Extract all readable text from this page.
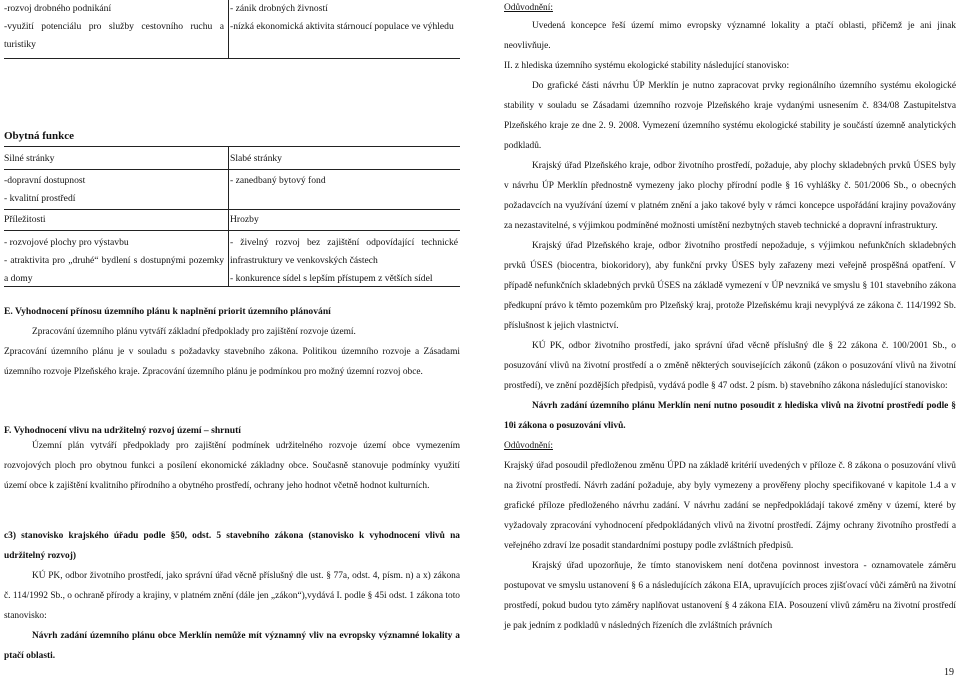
-rozvoj drobného podnikání
-využití potenciálu pro služby cestovního ruchu a turistiky
- zánik drobných živností
-nízká ekonomická aktivita stárnoucí populace ve výhledu
Obytná funkce
Silné stránky	Slabé stránky
-dopravní dostupnost
- kvalitní prostředí
- zanedbaný bytový fond
Příležitosti	Hrozby
- rozvojové plochy pro výstavbu
- atraktivita pro „druhé“ bydlení s dostupnými pozemky a domy
- živelný rozvoj bez zajištění odpovídající technické infrastruktury ve venkovských částech
- konkurence sídel s lepším přístupem z větších sídel
E. Vyhodnocení přínosu územního plánu k naplnění priorit územního plánování

Zpracování územního plánu vytváří základní předpoklady pro zajištění rozvoje území.

Zpracování územního plánu je v souladu s požadavky stavebního zákona. Politikou územního rozvoje a Zásadami územního rozvoje Plzeňského kraje. Zpracování územního plánu je podmínkou pro možný územní rozvoj obce.

F. Vyhodnocení vlivu na udržitelný rozvoj území – shrnutí

Územní plán vytváří předpoklady pro zajištění podmínek udržitelného rozvoje území obce vymezením rozvojových ploch pro obytnou funkci a posílení ekonomické základny obce. Současně stanovuje podmínky využití území obce k zajištění kvalitního přírodního a obytného prostředí, ochrany jeho hodnot včetně hodnot kulturních.

c3) stanovisko krajského úřadu podle §50, odst. 5 stavebního zákona (stanovisko k vyhodnocení vlivů na udržitelný rozvoj)

KÚ PK, odbor životního prostředí, jako správní úřad věcně příslušný dle ust. § 77a, odst. 4, písm. n) a x) zákona č. 114/1992 Sb., o ochraně přírody a krajiny, v platném znění (dále jen „zákon“),vydává I. podle § 45i odst. 1 zákona toto stanovisko:

Návrh zadání územního plánu obce Merklín nemůže mít významný vliv na evropsky významné lokality a ptačí oblasti.

Odůvodnění:

Uvedená koncepce řeší území mimo evropsky významné lokality a ptačí oblasti, přičemž je ani jinak neovlivňuje.

II. z hlediska územního systému ekologické stability následující stanovisko:

Do grafické části návrhu ÚP Merklín je nutno zapracovat prvky regionálního územního systému ekologické stability v souladu se Zásadami územního rozvoje Plzeňského kraje vydanými usnesením č. 834/08 Zastupitelstva Plzeňského kraje ze dne 2. 9. 2008. Vymezení územního systému ekologické stability je součástí územně analytických podkladů.

Krajský úřad Plzeňského kraje, odbor životního prostředí, požaduje, aby plochy skladebných prvků ÚSES byly v návrhu ÚP Merklín přednostně vymezeny jako plochy přírodní podle § 16 vyhlášky č. 501/2006 Sb., o obecných požadavcích na využívání území v platném znění a jako takové byly v rámci koncepce uspořádání krajiny považovány za nezastavitelné, s výjimkou podmíněné možnosti umístění nezbytných staveb technické a dopravní infrastruktury.

Krajský úřad Plzeňského kraje, odbor životního prostředí nepožaduje, s výjimkou nefunkčních skladebných prvků ÚSES (biocentra, biokoridory), aby funkční prvky ÚSES byly zařazeny mezi veřejně prospěšná opatření. V případě nefunkčních skladebných prvků ÚSES na základě vymezení v ÚP nevzniká ve smyslu § 101 stavebního zákona předkupní právo k těmto pozemkům pro Plzeňský kraj, protože Plzeňskému kraji nevyplývá ze zákona č. 114/1992 Sb. příslušnost k jejich vlastnictví.

KÚ PK, odbor životního prostředí, jako správní úřad věcně příslušný dle § 22 zákona č. 100/2001 Sb., o posuzování vlivů na životní prostředí a o změně některých souvisejících zákonů (zákon o posuzování vlivů na životní prostředí), ve znění pozdějších předpisů, vydává podle § 47 odst. 2 písm. b) stavebního zákona následující stanovisko:

Návrh zadání územního plánu Merklín není nutno posoudit z hlediska vlivů na životní prostředí podle § 10i zákona o posuzování vlivů.

Odůvodnění:

Krajský úřad posoudil předloženou změnu ÚPD na základě kritérií uvedených v příloze č. 8 zákona o posuzování vlivů na životní prostředí. Návrh zadání požaduje, aby byly vymezeny a prověřeny plochy specifikované v kapitole 1.4 a v grafické příloze předloženého návrhu zadání. V návrhu zadání se nepředpokládají takové změny v území, které by vyžadovaly zpracování vyhodnocení předpokládaných vlivů na životní prostředí. Zájmy ochrany životního prostředí a veřejného zdraví lze posadit standardními postupy podle zvláštních předpisů.

Krajský úřad upozorňuje, že tímto stanoviskem není dotčena povinnost investora - oznamovatele záměru postupovat ve smyslu ustanovení § 6 a následujících zákona EIA, upravujících proces zjišťovací vůči záměrů na životní prostředí, pokud budou tyto záměry naplňovat ustanovení § 4 zákona EIA. Posouzení vlivů záměru na životní prostředí je pak jedním z podkladů v následných řízeních dle zvláštních právních

19
